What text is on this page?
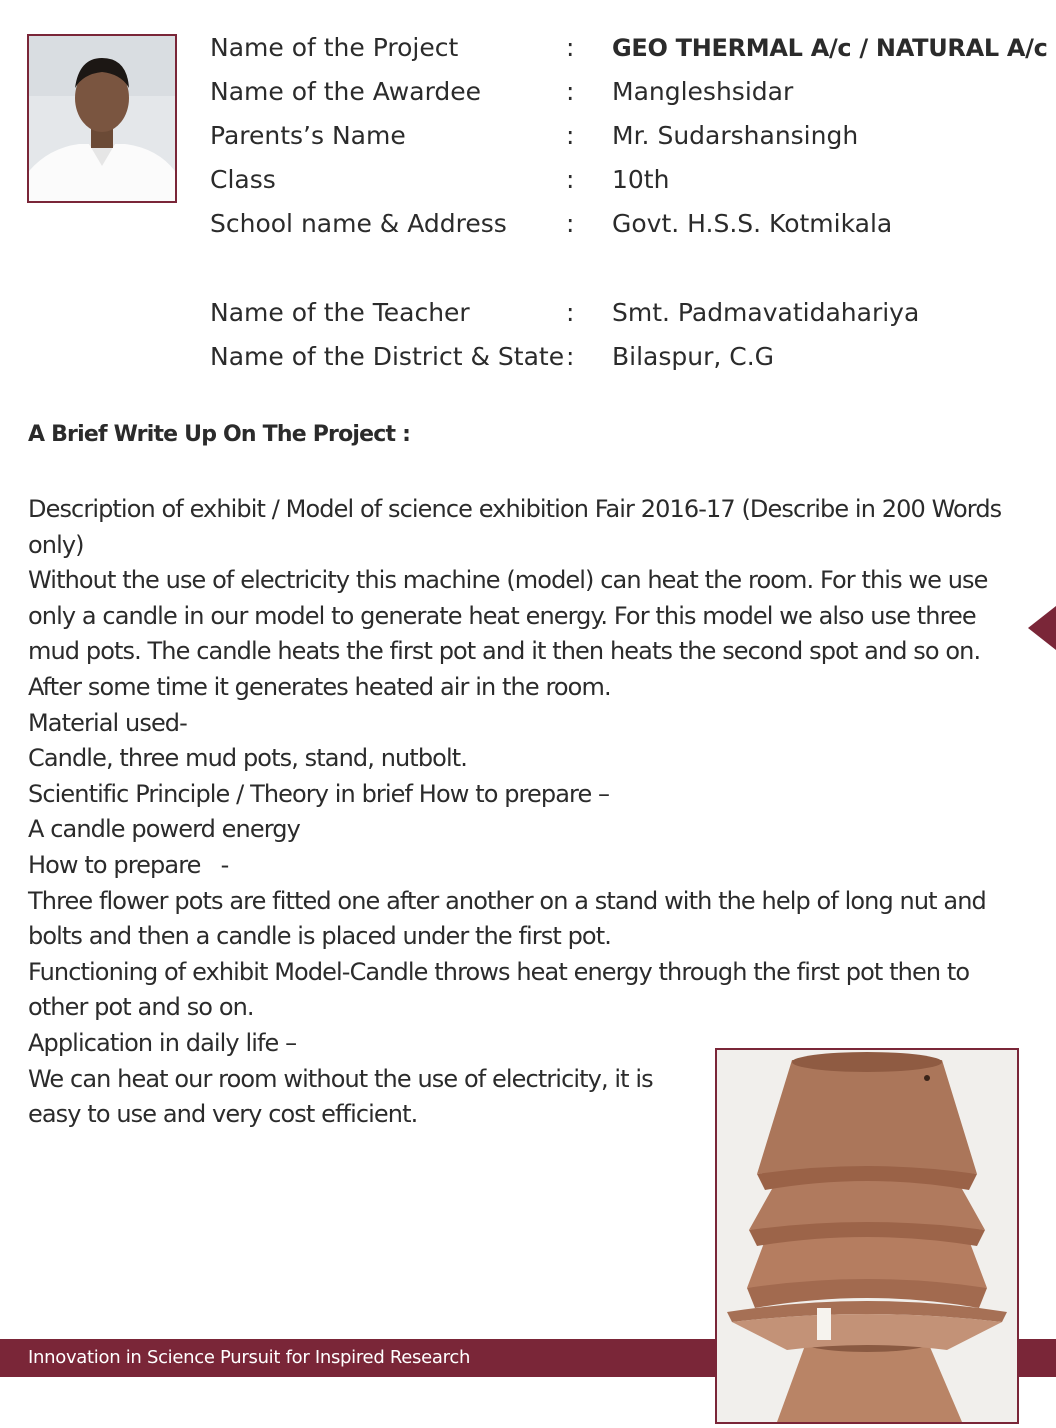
Name of the Project	: GEO THERMAL A/c / NATURAL A/c
Name of the Awardee	: Mangleshsidar
Parents’s Name	: Mr. Sudarshansingh
Class	: 10th
School name & Address	: Govt. H.S.S. Kotmikala
Name of the Teacher	: Smt. Padmavatidahariya
Name of the District & State : Bilaspur, C.G
A Brief Write Up On The Project :

Description of exhibit / Model of science exhibition Fair 2016-17 (Describe in 200 Words only)

Without the use of electricity this machine (model) can heat the room. For this we use only a candle in our model to generate heat energy. For this model we also use three mud pots. The candle heats the first pot and it then heats the second spot and so on. After some time it generates heated air in the room.

Material used-

Candle, three mud pots, stand, nutbolt.

Scientific Principle / Theory in brief How to prepare –

A candle powerd energy

How to prepare   -

Three flower pots are fitted one after another on a stand with the help of long nut and bolts and then a candle is placed under the first pot.

Functioning of exhibit Model-Candle throws heat energy through the first pot then to other pot and so on.

Application in daily life –

We can heat our room without the use of electricity, it is easy to use and very cost efficient.

Innovation in Science Pursuit for Inspired Research
